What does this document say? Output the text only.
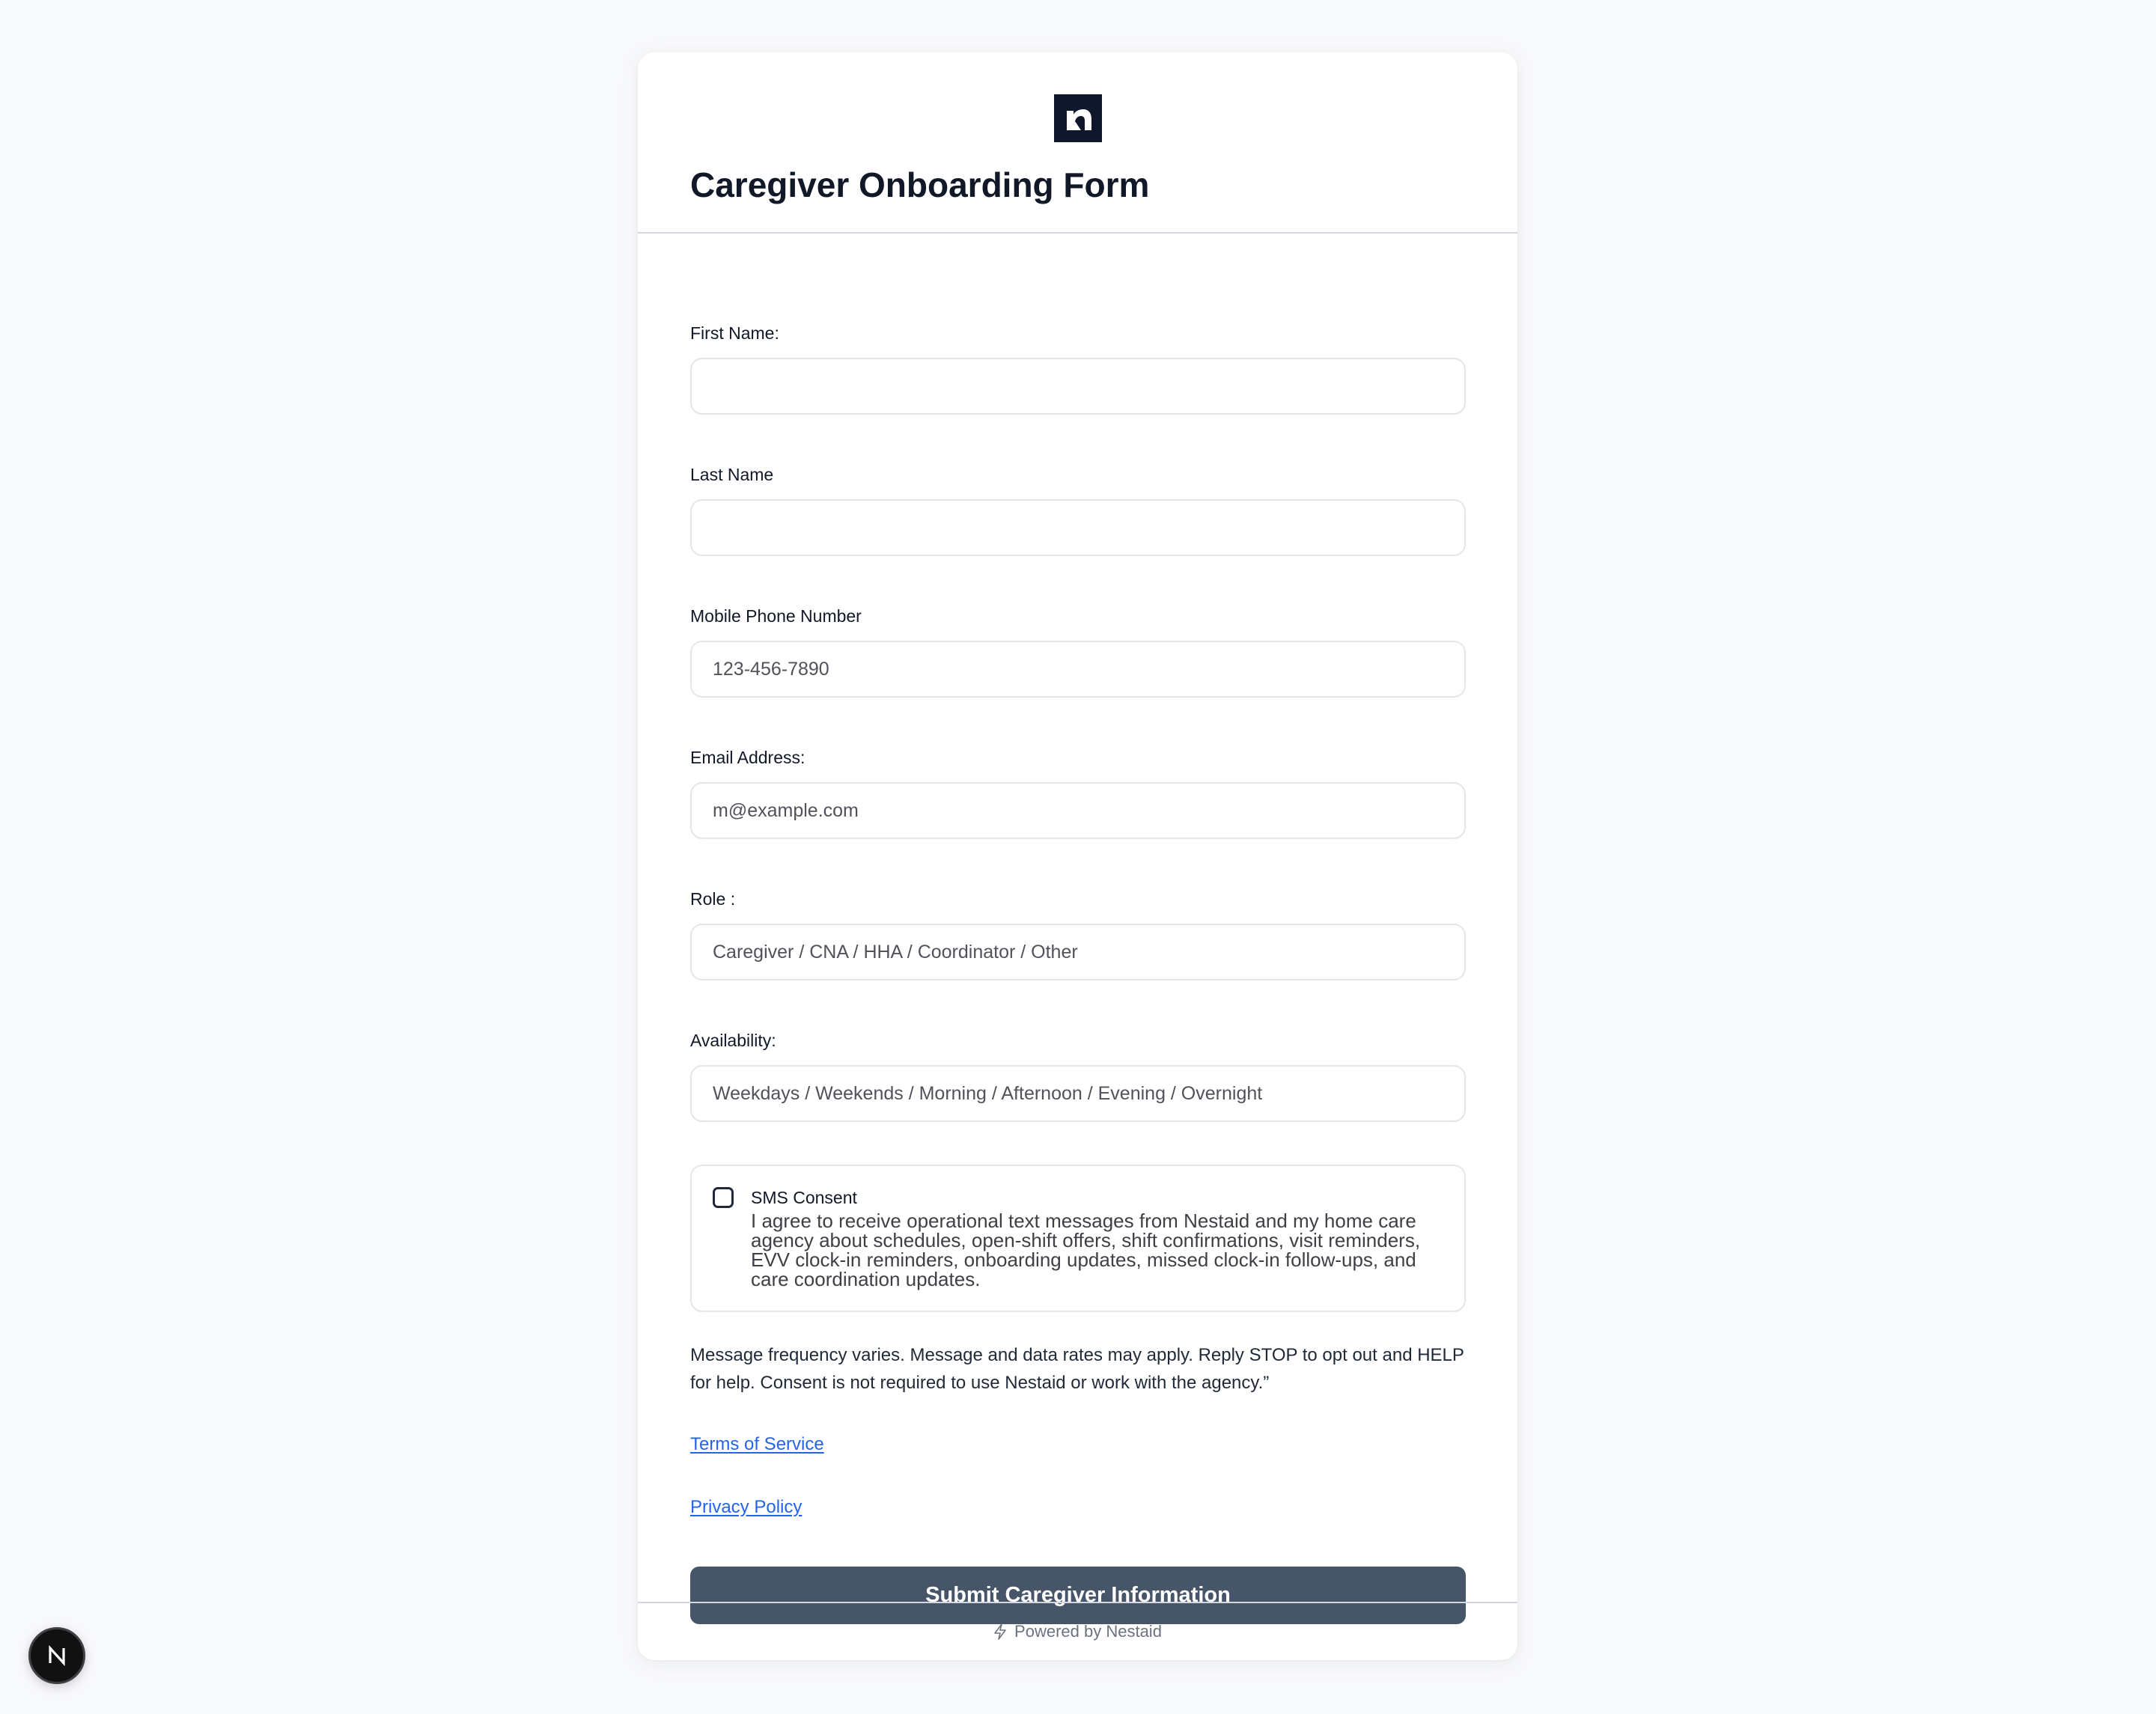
Caregiver Onboarding Form
First Name:
Last Name
Mobile Phone Number
123-456-7890
Email Address:
m@example.com
Role :
Caregiver / CNA / HHA / Coordinator / Other
Availability:
Weekdays / Weekends / Morning / Afternoon / Evening / Overnight
SMS Consent
I agree to receive operational text messages from Nestaid and my home care agency about schedules, open-shift offers, shift confirmations, visit reminders, EVV clock-in reminders, onboarding updates, missed clock-in follow-ups, and care coordination updates.

Message frequency varies. Message and data rates may apply. Reply STOP to opt out and HELP for help. Consent is not required to use Nestaid or work with the agency.”

Terms of Service
Privacy Policy
Submit Caregiver Information
Powered by Nestaid
